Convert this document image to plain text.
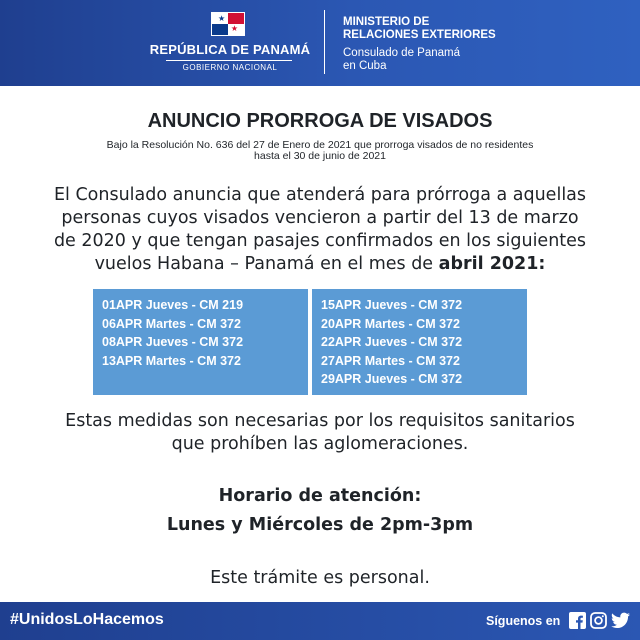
★
★
REPÚBLICA DE PANAMÁ
GOBIERNO NACIONAL
MINISTERIO DE
RELACIONES EXTERIORES
Consulado de Panamá
en Cuba
ANUNCIO PRORROGA DE VISADOS
Bajo la Resolución No. 636 del 27 de Enero de 2021 que prorroga visados de no residentes
hasta el 30 de junio de 2021
El Consulado anuncia que atenderá para prórroga a aquellas
personas cuyos visados vencieron a partir del 13 de marzo
de 2020 y que tengan pasajes confirmados en los siguientes
vuelos Habana – Panamá en el mes de abril 2021:
01APR Jueves - CM 219
06APR Martes - CM 372
08APR Jueves - CM 372
13APR Martes - CM 372
15APR Jueves - CM 372
20APR Martes - CM 372
22APR Jueves - CM 372
27APR Martes - CM 372
29APR Jueves - CM 372
Estas medidas son necesarias por los requisitos sanitarios
que prohíben las aglomeraciones.
Horario de atención:
Lunes y Miércoles de 2pm-3pm
Este trámite es personal.
#UnidosLoHacemos	Síguenos en
